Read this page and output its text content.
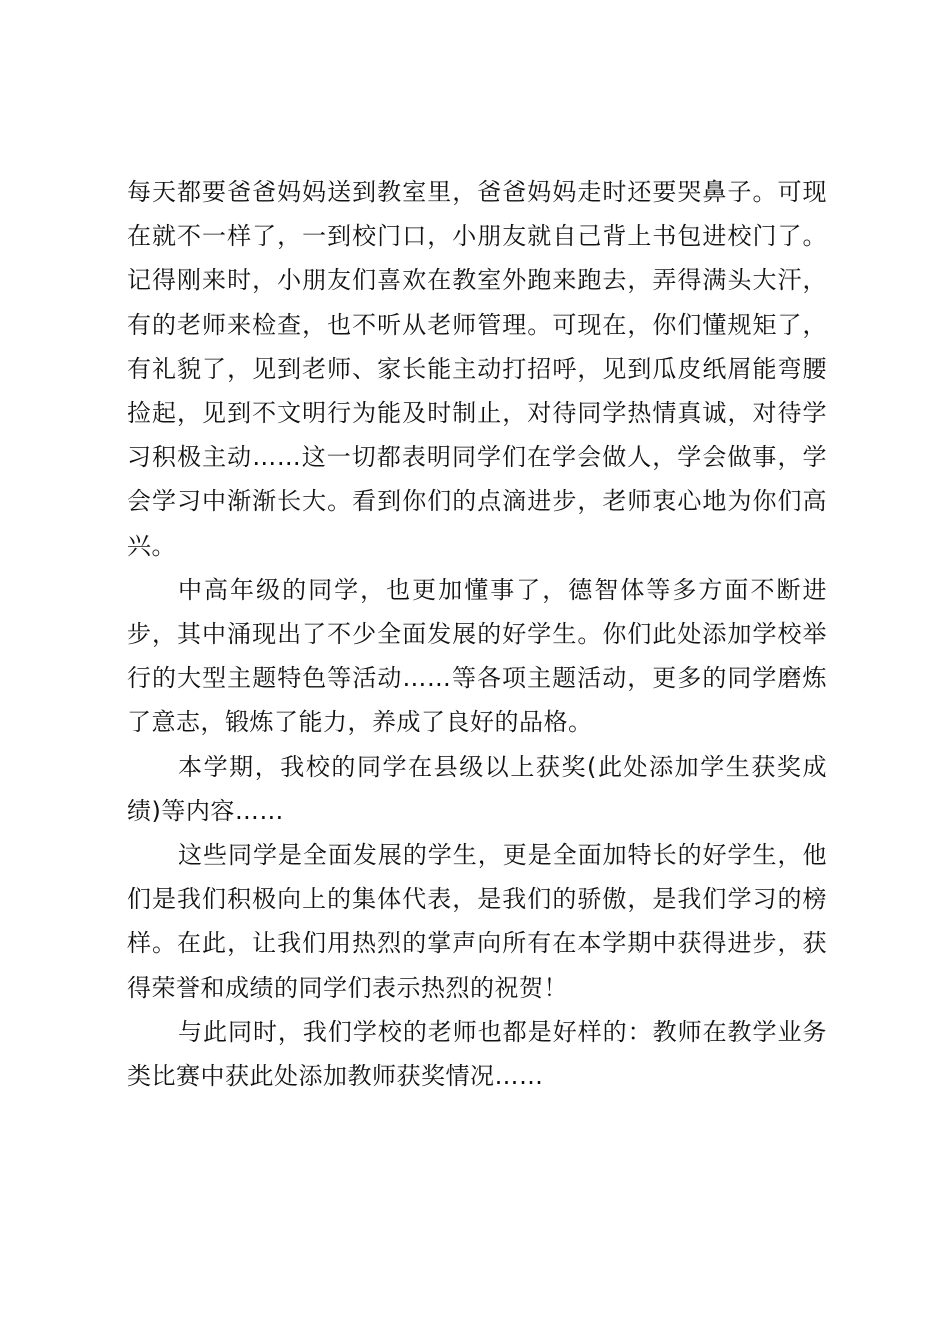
每天都要爸爸妈妈送到教室里，爸爸妈妈走时还要哭鼻子。可现在就不一样了，一到校门口，小朋友就自己背上书包进校门了。记得刚来时，小朋友们喜欢在教室外跑来跑去，弄得满头大汗，有的老师来检查，也不听从老师管理。可现在，你们懂规矩了，有礼貌了，见到老师、家长能主动打招呼，见到瓜皮纸屑能弯腰捡起，见到不文明行为能及时制止，对待同学热情真诚，对待学习积极主动……这一切都表明同学们在学会做人，学会做事，学会学习中渐渐长大。看到你们的点滴进步，老师衷心地为你们高兴。

中高年级的同学，也更加懂事了，德智体等多方面不断进步，其中涌现出了不少全面发展的好学生。你们此处添加学校举行的大型主题特色等活动……等各项主题活动，更多的同学磨炼了意志，锻炼了能力，养成了良好的品格。

本学期，我校的同学在县级以上获奖(此处添加学生获奖成绩)等内容……

这些同学是全面发展的学生，更是全面加特长的好学生，他们是我们积极向上的集体代表，是我们的骄傲，是我们学习的榜样。在此，让我们用热烈的掌声向所有在本学期中获得进步，获得荣誉和成绩的同学们表示热烈的祝贺！

与此同时，我们学校的老师也都是好样的：教师在教学业务类比赛中获此处添加教师获奖情况……
